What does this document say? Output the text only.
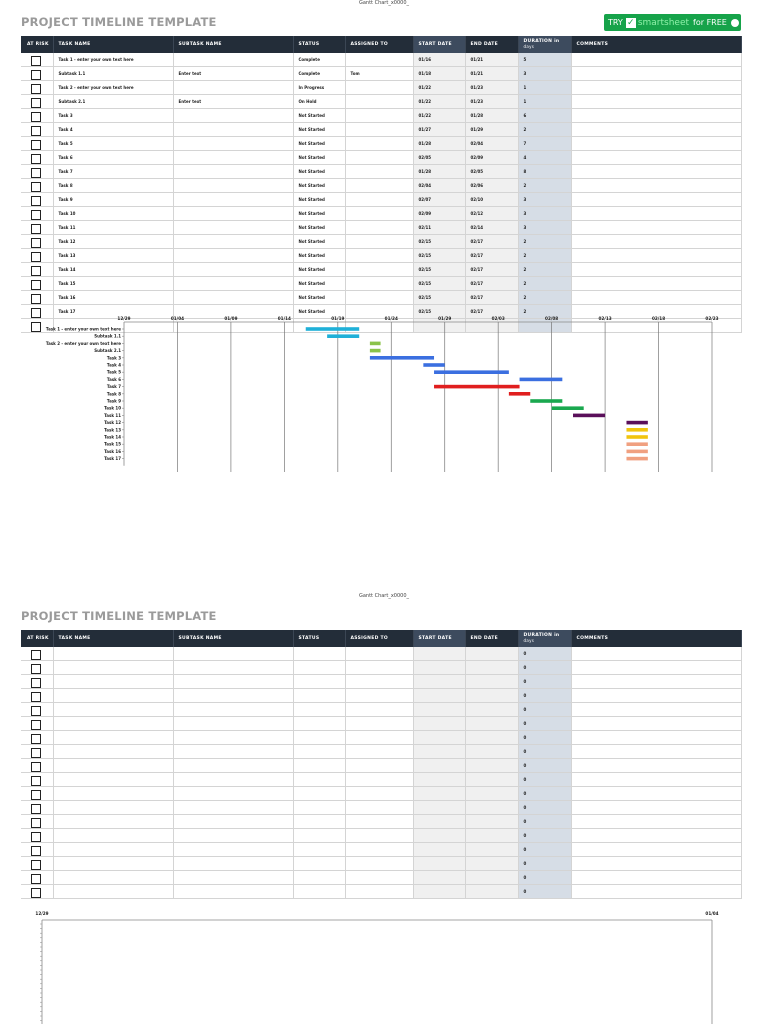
Gantt Chart_x0000_
PROJECT TIMELINE TEMPLATE	TRY ✓ smartsheet for FREE
AT RISK	TASK NAME	SUBTASK NAME	STATUS	ASSIGNED TO	START DATE	END DATE	DURATION in
days	COMMENTS

	Task 1 - enter your own text here		Complete		01/16	01/21	5	

	Subtask 1.1	Enter text	Complete	Tom	01/18	01/21	3	

	Task 2 - enter your own text here		In Progress		01/22	01/23	1	

	Subtask 2.1	Enter text	On Hold		01/22	01/23	1	

	Task 3		Not Started		01/22	01/28	6	

	Task 4		Not Started		01/27	01/29	2	

	Task 5		Not Started		01/28	02/04	7	

	Task 6		Not Started		02/05	02/09	4	

	Task 7		Not Started		01/28	02/05	8	

	Task 8		Not Started		02/04	02/06	2	

	Task 9		Not Started		02/07	02/10	3	

	Task 10		Not Started		02/09	02/12	3	

	Task 11		Not Started		02/11	02/14	3	

	Task 12		Not Started		02/15	02/17	2	

	Task 13		Not Started		02/15	02/17	2	

	Task 14		Not Started		02/15	02/17	2	

	Task 15		Not Started		02/15	02/17	2	

	Task 16		Not Started		02/15	02/17	2	

	Task 17		Not Started		02/15	02/17	2	

12/29	01/04	01/09	01/14	01/19	01/24	01/29	02/03	02/08	02/13	02/18	02/23
Task 1 - enter your own text here
Subtask 1.1
Task 2 - enter your own text here
Subtask 2.1
Task 3
Task 4
Task 5
Task 6
Task 7
Task 8
Task 9
Task 10
Task 11
Task 12
Task 13
Task 14
Task 15
Task 16
Task 17
Gantt Chart_x0000_
PROJECT TIMELINE TEMPLATE
AT RISK	TASK NAME	SUBTASK NAME	STATUS	ASSIGNED TO	START DATE	END DATE	DURATION in
days	COMMENTS

							0	

							0	

							0	

							0	

							0	

							0	

							0	

							0	

							0	

							0	

							0	

							0	

							0	

							0	

							0	

							0	

							0	

							0	
12/29	01/04
